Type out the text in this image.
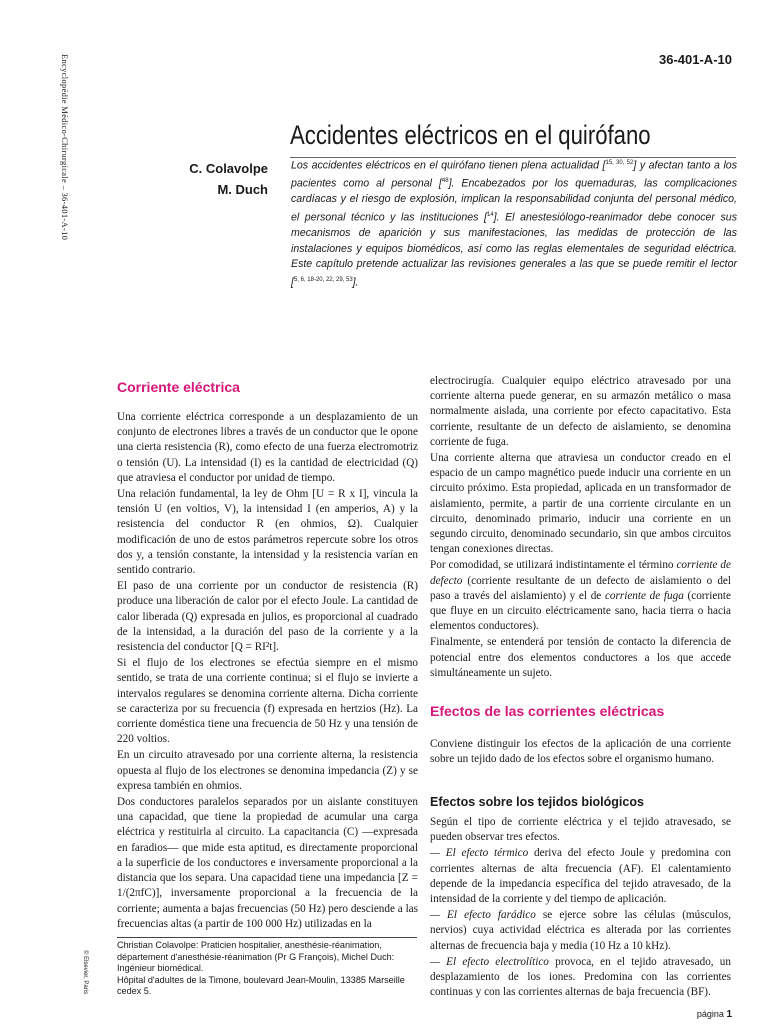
36-401-A-10
Encyclopédie Médico-Chirurgicale – 36-401-A-10
© Elsevier, Paris
Accidentes eléctricos en el quirófano
C. Colavolpe
M. Duch

Los accidentes eléctricos en el quirófano tienen plena actualidad [$^{15, 30, 52}$] y afectan tanto a los pacientes como al personal [$^{48}$]. Encabezados por los quemaduras, las complicaciones cardíacas y el riesgo de explosión, implican la responsabilidad conjunta del personal médico, el personal técnico y las instituciones [$^{14}$]. El anestesiólogo-reanimador debe conocer sus mecanismos de aparición y sus manifestaciones, las medidas de protección de las instalaciones y equipos biomédicos, así como las reglas elementales de seguridad eléctrica. Este capítulo pretende actualizar las revisiones generales a las que se puede remitir el lector [$^{5, 6, 18-20, 22, 29, 53}$].

Corriente eléctrica

Una corriente eléctrica corresponde a un desplazamiento de un conjunto de electrones libres a través de un conductor que le opone una cierta resistencia (R), como efecto de una fuerza electromotriz o tensión (U). La intensidad (I) es la cantidad de electricidad (Q) que atraviesa el conductor por unidad de tiempo.

Una relación fundamental, la ley de Ohm [U = R x I], vincula la tensión U (en voltios, V), la intensidad I (en amperios, A) y la resistencia del conductor R (en ohmios, Ω). Cualquier modificación de uno de estos parámetros repercute sobre los otros dos y, a tensión constante, la intensidad y la resistencia varían en sentido contrario.

El paso de una corriente por un conductor de resistencia (R) produce una liberación de calor por el efecto Joule. La cantidad de calor liberada (Q) expresada en julios, es proporcional al cuadrado de la intensidad, a la duración del paso de la corriente y a la resistencia del conductor [Q = RI²t].

Si el flujo de los electrones se efectúa siempre en el mismo sentido, se trata de una corriente continua; si el flujo se invierte a intervalos regulares se denomina corriente alterna. Dicha corriente se caracteriza por su frecuencia (f) expresada en hertzios (Hz). La corriente doméstica tiene una frecuencia de 50 Hz y una tensión de 220 voltios.

En un circuito atravesado por una corriente alterna, la resistencia opuesta al flujo de los electrones se denomina impedancia (Z) y se expresa también en ohmios.

Dos conductores paralelos separados por un aislante constituyen una capacidad, que tiene la propiedad de acumular una carga eléctrica y restituirla al circuito. La capacitancia (C) —expresada en faradios— que mide esta aptitud, es directamente proporcional a la superficie de los conductores e inversamente proporcional a la distancia que los separa. Una capacidad tiene una impedancia [Z = 1/(2πfC)], inversamente proporcional a la frecuencia de la corriente; aumenta a bajas frecuencias (50 Hz) pero desciende a las frecuencias altas (a partir de 100 000 Hz) utilizadas en la

electrocirugía. Cualquier equipo eléctrico atravesado por una corriente alterna puede generar, en su armazón metálico o masa normalmente aislada, una corriente por efecto capacitativo. Esta corriente, resultante de un defecto de aislamiento, se denomina corriente de fuga.

Una corriente alterna que atraviesa un conductor creado en el espacio de un campo magnético puede inducir una corriente en un circuito próximo. Esta propiedad, aplicada en un transformador de aislamiento, permite, a partir de una corriente circulante en un circuito, denominado primario, inducir una corriente en un segundo circuito, denominado secundario, sin que ambos circuitos tengan conexiones directas.

Por comodidad, se utilizará indistintamente el término corriente de defecto (corriente resultante de un defecto de aislamiento o del paso a través del aislamiento) y el de corriente de fuga (corriente que fluye en un circuito eléctricamente sano, hacia tierra o hacia elementos conductores).

Finalmente, se entenderá por tensión de contacto la diferencia de potencial entre dos elementos conductores a los que accede simultáneamente un sujeto.

Efectos de las corrientes eléctricas

Conviene distinguir los efectos de la aplicación de una corriente sobre un tejido dado de los efectos sobre el organismo humano.

Efectos sobre los tejidos biológicos

Según el tipo de corriente eléctrica y el tejido atravesado, se pueden observar tres efectos.

— El efecto térmico deriva del efecto Joule y predomina con corrientes alternas de alta frecuencia (AF). El calentamiento depende de la impedancia específica del tejido atravesado, de la intensidad de la corriente y del tiempo de aplicación.

— El efecto farádico se ejerce sobre las células (músculos, nervios) cuya actividad eléctrica es alterada por las corrientes alternas de frecuencia baja y media (10 Hz a 10 kHz).

— El efecto electrolítico provoca, en el tejido atravesado, un desplazamiento de los iones. Predomina con las corrientes continuas y con las corrientes alternas de baja frecuencia (BF).

Christian Colavolpe: Praticien hospitalier, anesthésie-réanimation, département d'anesthésie-réanimation (Pr G François), Michel Duch: Ingénieur biomédical.

Hôpital d'adultes de la Timone, boulevard Jean-Moulin, 13385 Marseille cedex 5.

página 1
